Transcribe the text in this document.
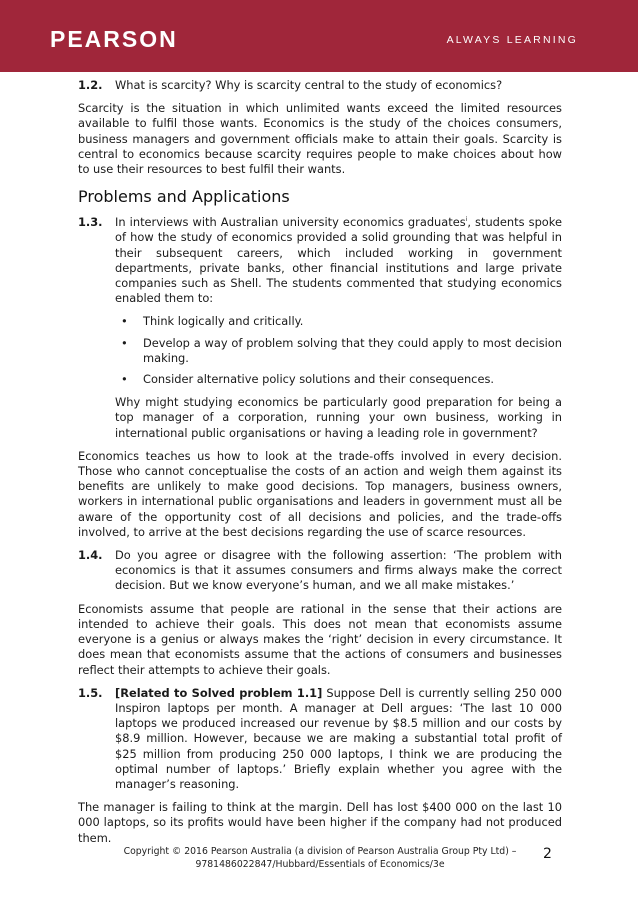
PEARSON	ALWAYS LEARNING
1.2.	What is scarcity? Why is scarcity central to the study of economics?

Scarcity is the situation in which unlimited wants exceed the limited resources available to fulfil those wants. Economics is the study of the choices consumers, business managers and government officials make to attain their goals. Scarcity is central to economics because scarcity requires people to make choices about how to use their resources to best fulfil their wants.

Problems and Applications
1.3.	In interviews with Australian university economics graduates$^i$, students spoke of how the study of economics provided a solid grounding that was helpful in their subsequent careers, which included working in government departments, private banks, other financial institutions and large private companies such as Shell. The students commented that studying economics enabled them to:

•	Think logically and critically.
•	Develop a way of problem solving that they could apply to most decision making.
•	Consider alternative policy solutions and their consequences.

Why might studying economics be particularly good preparation for being a top manager of a corporation, running your own business, working in international public organisations or having a leading role in government?

Economics teaches us how to look at the trade-offs involved in every decision. Those who cannot conceptualise the costs of an action and weigh them against its benefits are unlikely to make good decisions. Top managers, business owners, workers in international public organisations and leaders in government must all be aware of the opportunity cost of all decisions and policies, and the trade-offs involved, to arrive at the best decisions regarding the use of scarce resources.

1.4.	Do you agree or disagree with the following assertion: ‘The problem with economics is that it assumes consumers and firms always make the correct decision. But we know everyone’s human, and we all make mistakes.’

Economists assume that people are rational in the sense that their actions are intended to achieve their goals. This does not mean that economists assume everyone is a genius or always makes the ‘right’ decision in every circumstance. It does mean that economists assume that the actions of consumers and businesses reflect their attempts to achieve their goals.

1.5.	[Related to Solved problem 1.1] Suppose Dell is currently selling 250 000 Inspiron laptops per month. A manager at Dell argues: ‘The last 10 000 laptops we produced increased our revenue by $8.5 million and our costs by $8.9 million. However, because we are making a substantial total profit of $25 million from producing 250 000 laptops, I think we are producing the optimal number of laptops.’ Briefly explain whether you agree with the manager’s reasoning.

The manager is failing to think at the margin. Dell has lost $400 000 on the last 10 000 laptops, so its profits would have been higher if the company had not produced them.

Copyright © 2016 Pearson Australia (a division of Pearson Australia Group Pty Ltd) –
9781486022847/Hubbard/Essentials of Economics/3e
2
